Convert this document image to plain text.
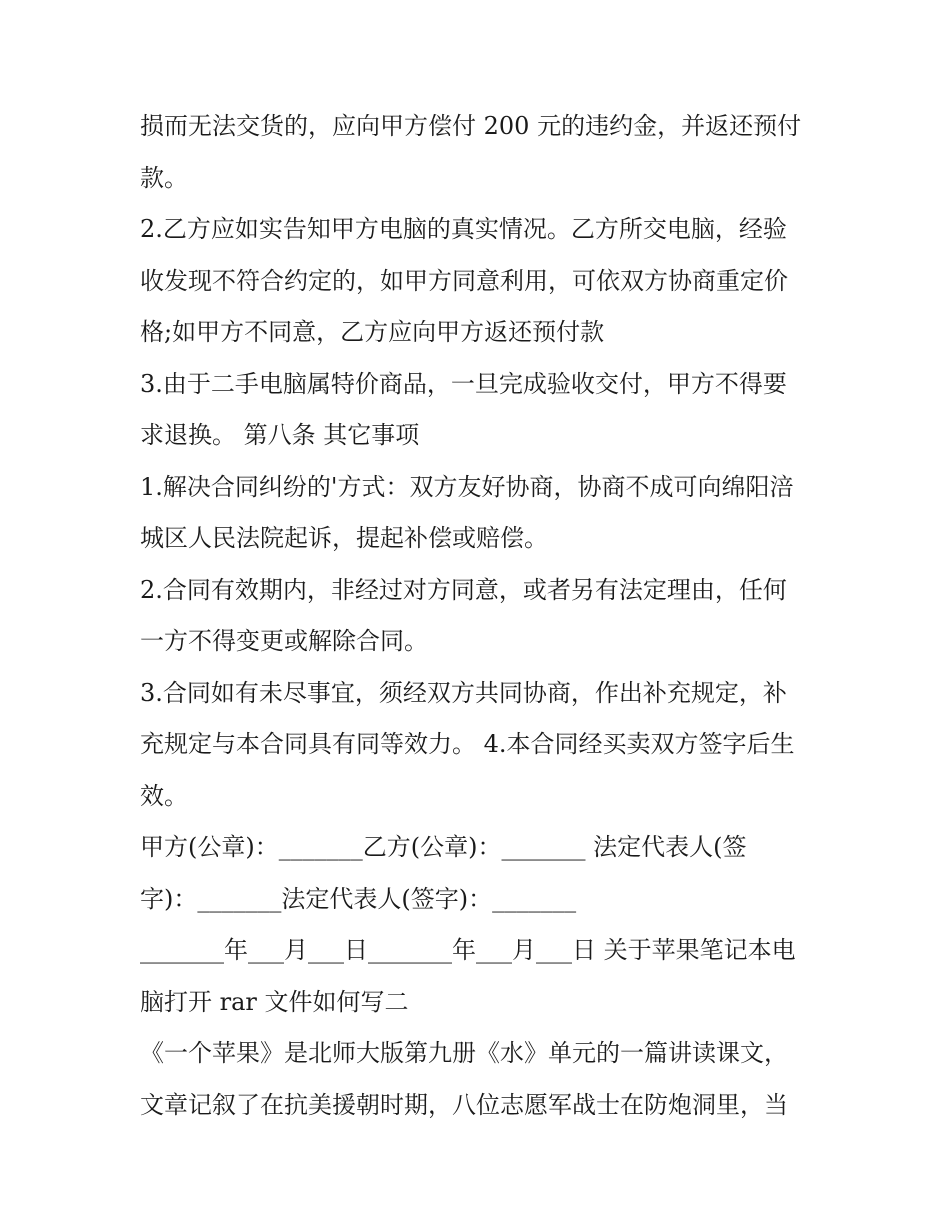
损而无法交货的，应向甲方偿付 200 元的违约金，并返还预付
款。
2.乙方应如实告知甲方电脑的真实情况。乙方所交电脑，经验
收发现不符合约定的，如甲方同意利用，可依双方协商重定价
格;如甲方不同意，乙方应向甲方返还预付款
3.由于二手电脑属特价商品，一旦完成验收交付，甲方不得要
求退换。 第八条 其它事项
1.解决合同纠纷的'方式：双方友好协商，协商不成可向绵阳涪
城区人民法院起诉，提起补偿或赔偿。
2.合同有效期内，非经过对方同意，或者另有法定理由，任何
一方不得变更或解除合同。
3.合同如有未尽事宜，须经双方共同协商，作出补充规定，补
充规定与本合同具有同等效力。 4.本合同经买卖双方签字后生
效。
甲方(公章)：_______乙方(公章)：_______ 法定代表人(签
字)：_______法定代表人(签字)：_______
_______年___月___日_______年___月___日 关于苹果笔记本电
脑打开 rar 文件如何写二
《一个苹果》是北师大版第九册《水》单元的一篇讲读课文，
文章记叙了在抗美援朝时期，八位志愿军战士在防炮洞里，当
